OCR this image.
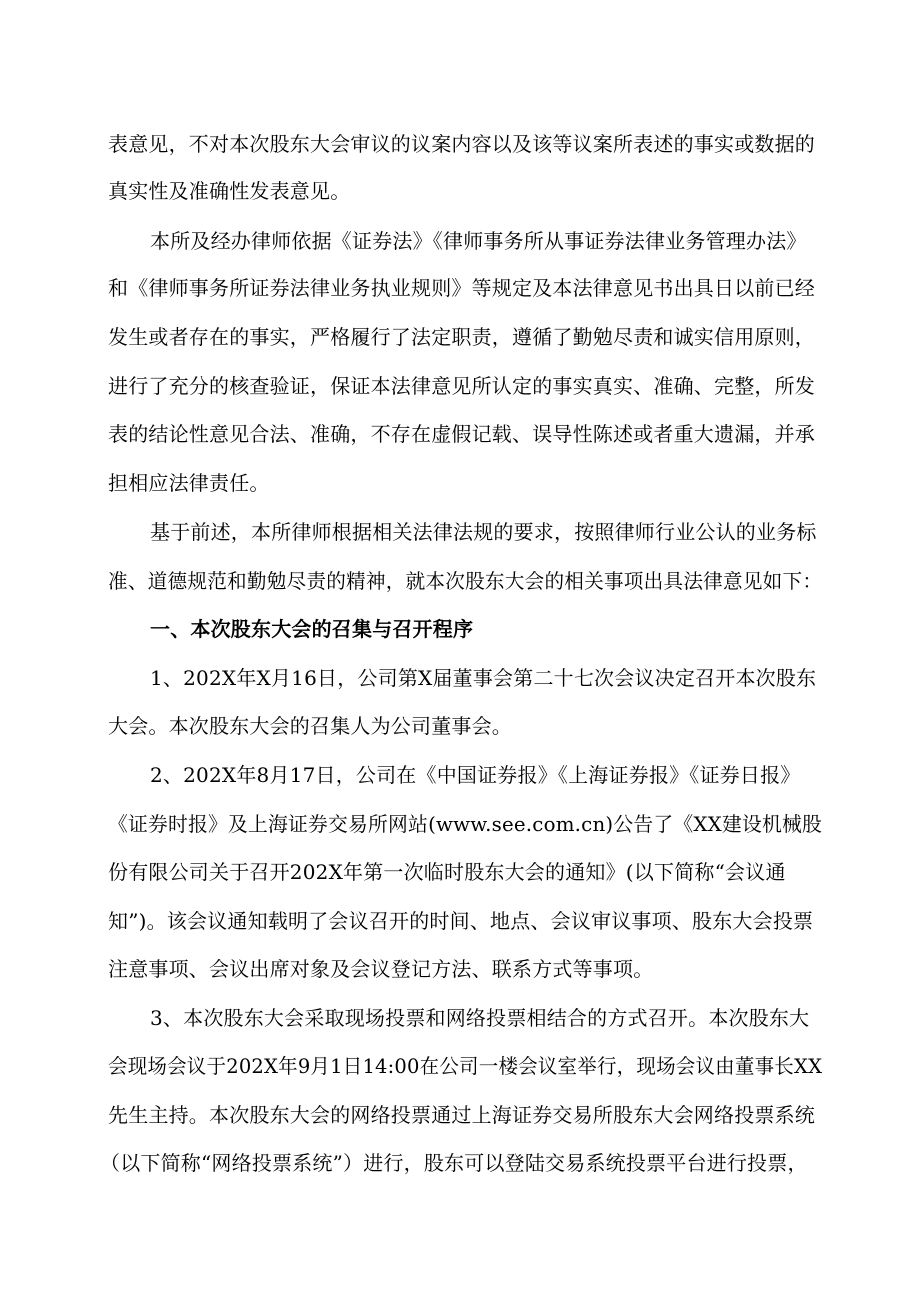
表意见，不对本次股东大会审议的议案内容以及该等议案所表述的事实或数据的
真实性及准确性发表意见。
本所及经办律师依据《证券法》《律师事务所从事证券法律业务管理办法》
和《律师事务所证券法律业务执业规则》等规定及本法律意见书出具日以前已经
发生或者存在的事实，严格履行了法定职责，遵循了勤勉尽责和诚实信用原则，
进行了充分的核查验证，保证本法律意见所认定的事实真实、准确、完整，所发
表的结论性意见合法、准确，不存在虚假记载、误导性陈述或者重大遗漏，并承
担相应法律责任。
基于前述，本所律师根据相关法律法规的要求，按照律师行业公认的业务标
准、道德规范和勤勉尽责的精神，就本次股东大会的相关事项出具法律意见如下：
一、本次股东大会的召集与召开程序
1、202X年X月16日，公司第X届董事会第二十七次会议决定召开本次股东
大会。本次股东大会的召集人为公司董事会。
2、202X年8月17日，公司在《中国证券报》《上海证券报》《证券日报》
《证券时报》及上海证券交易所网站(www.see.com.cn)公告了《XX建设机械股
份有限公司关于召开202X年第一次临时股东大会的通知》(以下简称“会议通
知”)。该会议通知载明了会议召开的时间、地点、会议审议事项、股东大会投票
注意事项、会议出席对象及会议登记方法、联系方式等事项。
3、本次股东大会采取现场投票和网络投票相结合的方式召开。本次股东大
会现场会议于202X年9月1日14:00在公司一楼会议室举行，现场会议由董事长XX
先生主持。本次股东大会的网络投票通过上海证券交易所股东大会网络投票系统
（以下简称“网络投票系统”）进行，股东可以登陆交易系统投票平台进行投票，
